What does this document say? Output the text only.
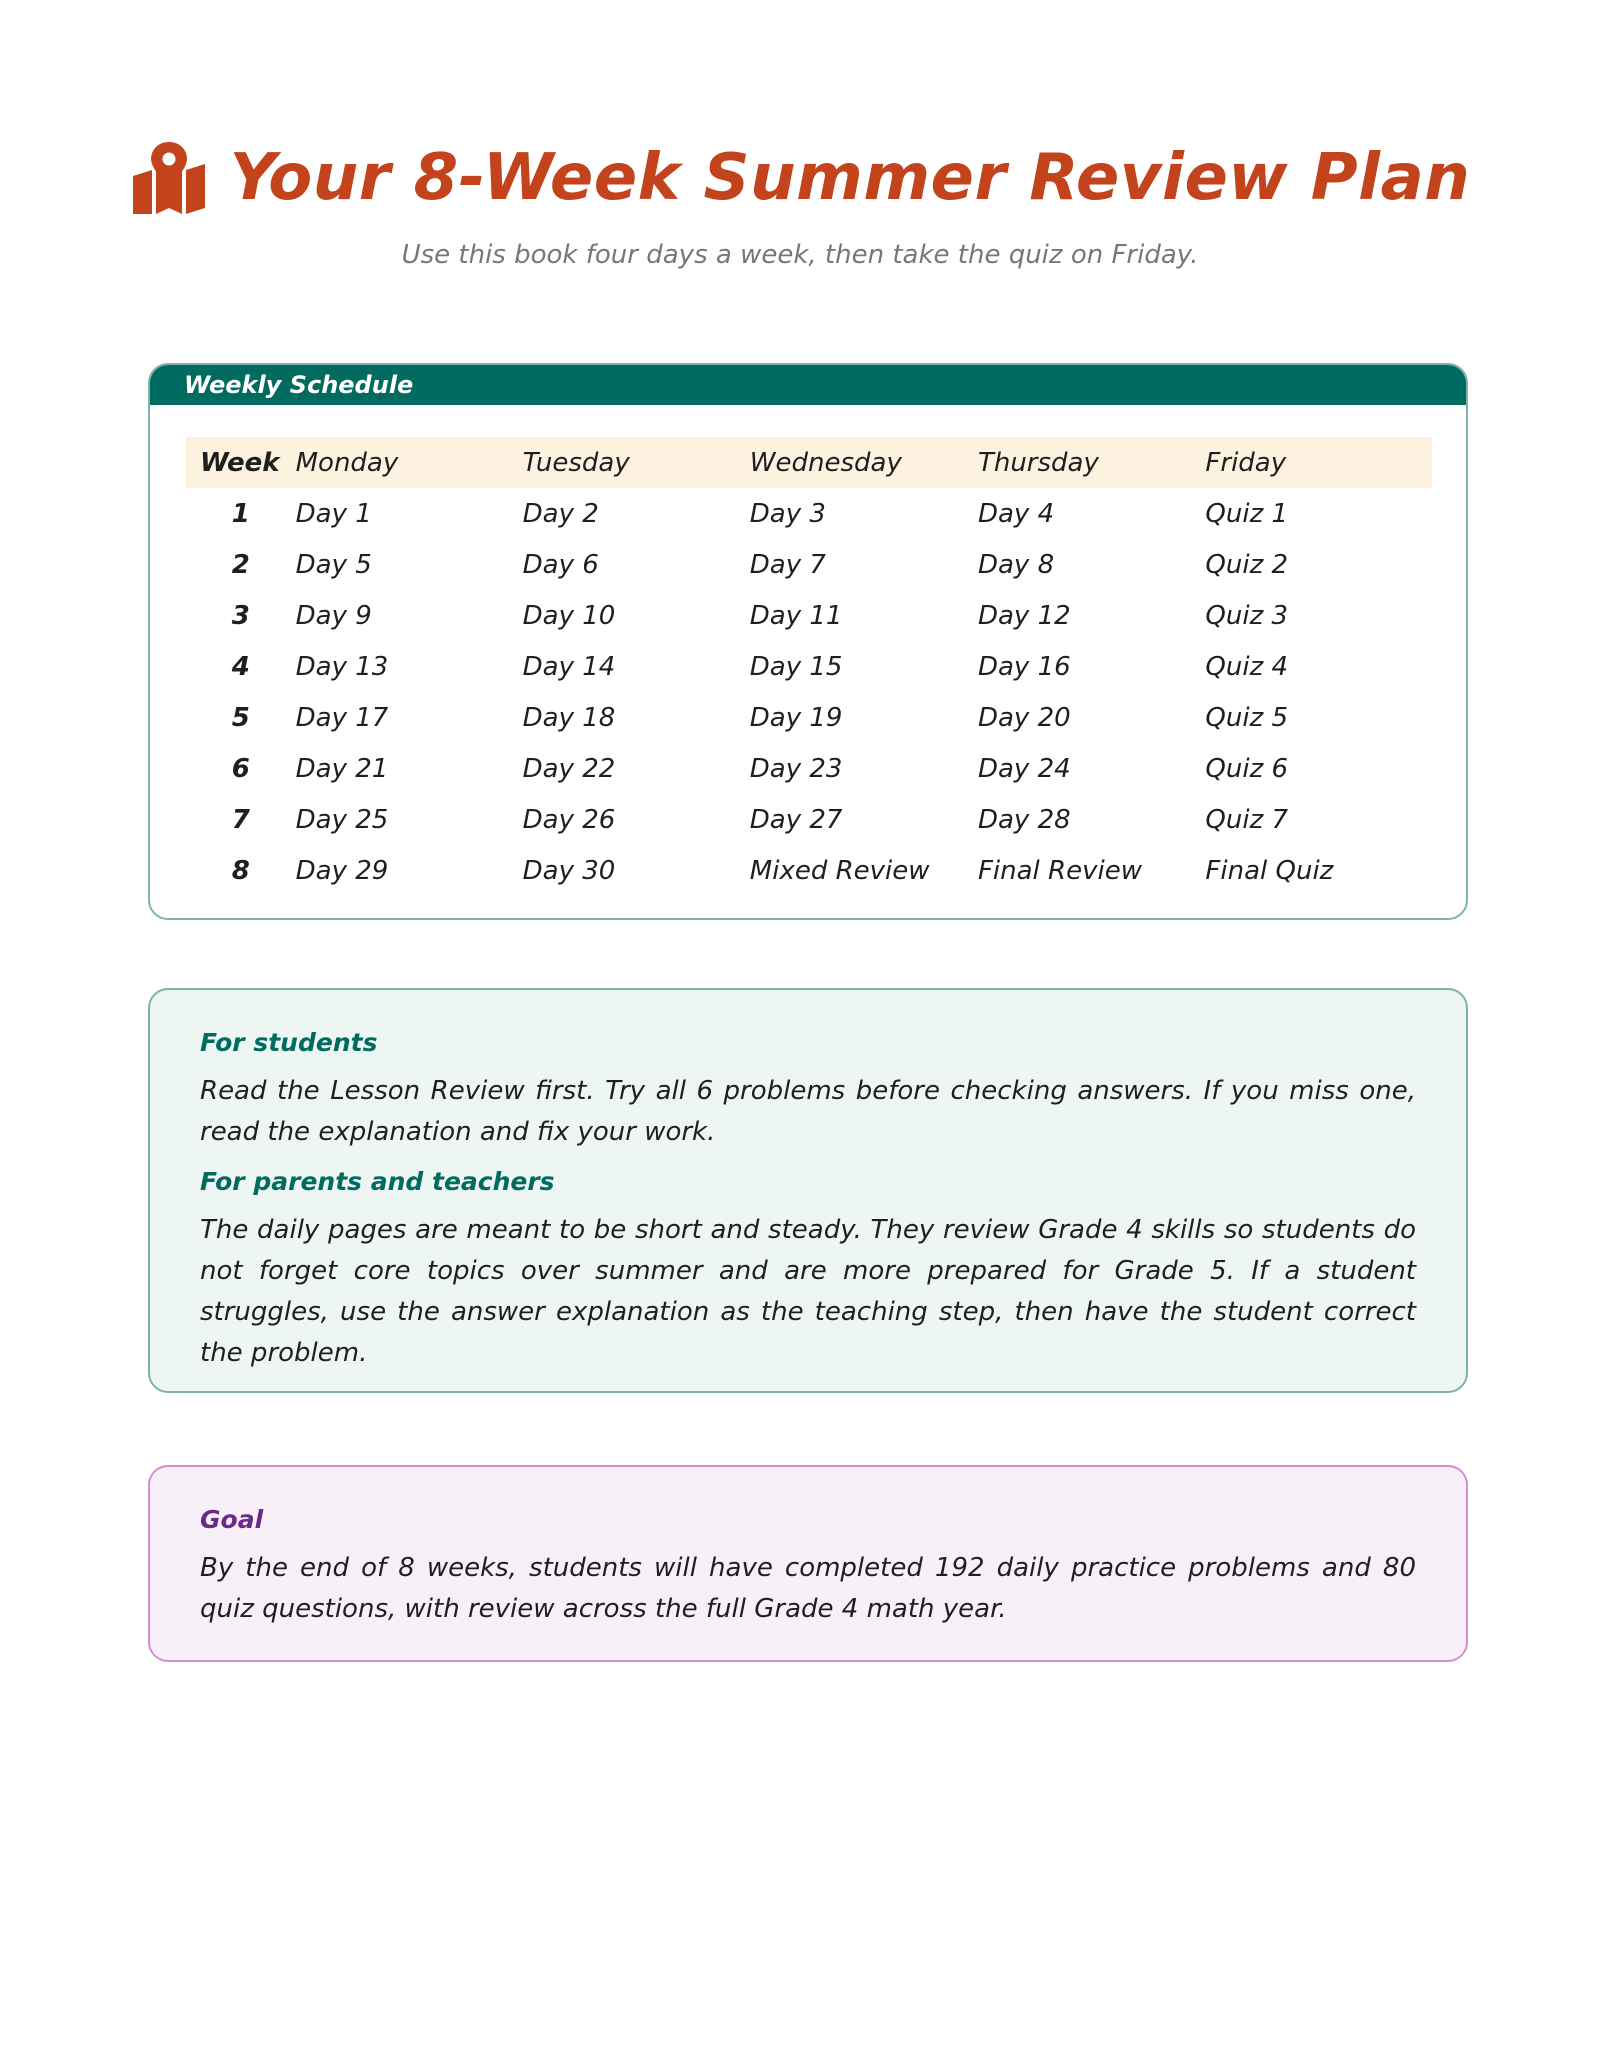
Your 8-Week Summer Review Plan
Use this book four days a week, then take the quiz on Friday.
Weekly Schedule
Week	Monday	Tuesday	Wednesday	Thursday	Friday
1	Day 1	Day 2	Day 3	Day 4	Quiz 1
2	Day 5	Day 6	Day 7	Day 8	Quiz 2
3	Day 9	Day 10	Day 11	Day 12	Quiz 3
4	Day 13	Day 14	Day 15	Day 16	Quiz 4
5	Day 17	Day 18	Day 19	Day 20	Quiz 5
6	Day 21	Day 22	Day 23	Day 24	Quiz 6
7	Day 25	Day 26	Day 27	Day 28	Quiz 7
8	Day 29	Day 30	Mixed Review	Final Review	Final Quiz
For students

Read the Lesson Review first. Try all 6 problems before checking answers. If you miss one, read the explanation and fix your work.

For parents and teachers

The daily pages are meant to be short and steady. They review Grade 4 skills so students do not forget core topics over summer and are more prepared for Grade 5. If a student struggles, use the answer explanation as the teaching step, then have the student correct the problem.

Goal

By the end of 8 weeks, students will have completed 192 daily practice problems and 80 quiz questions, with review across the full Grade 4 math year.
